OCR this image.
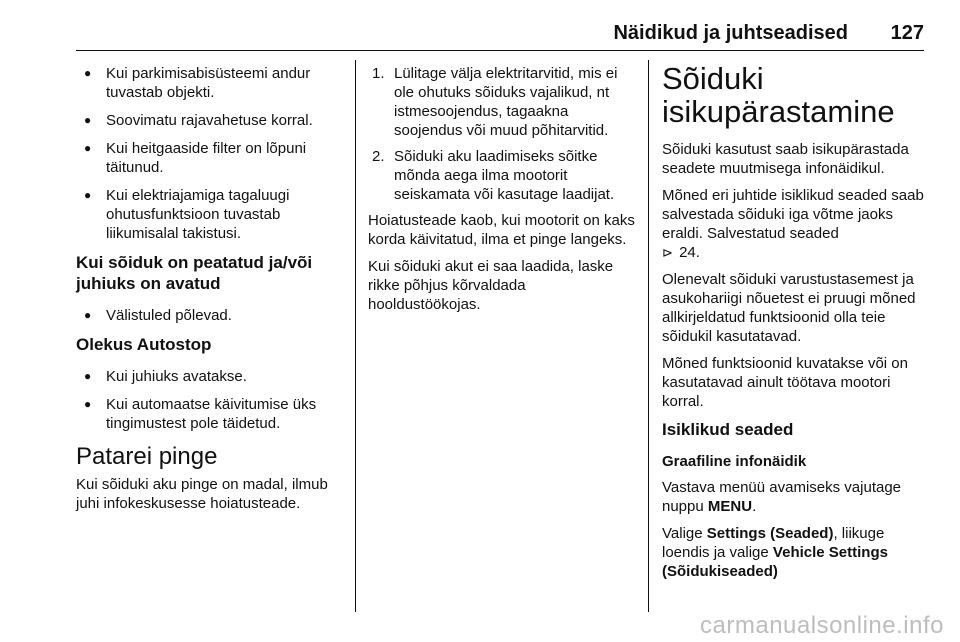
Näidikud ja juhtseadised 127
● Kui parkimisabisüsteemi andur tuvastab objekti.
● Soovimatu rajavahetuse korral.
● Kui heitgaaside filter on lõpuni täitunud.
● Kui elektriajamiga tagaluugi ohutusfunktsioon tuvastab liikumisalal takistusi.
Kui sõiduk on peatatud ja/või juhiuks on avatud
● Välistuled põlevad.
Olekus Autostop
● Kui juhiuks avatakse.
● Kui automaatse käivitumise üks tingimustest pole täidetud.
Patarei pinge

Kui sõiduki aku pinge on madal, ilmub juhi infokeskusesse hoiatusteade.

1. Lülitage välja elektritarvitid, mis ei ole ohutuks sõiduks vajalikud, nt istmesoojendus, tagaakna soojendus või muud põhitarvitid.
2. Sõiduki aku laadimiseks sõitke mõnda aega ilma mootorit seiskamata või kasutage laadijat.

Hoiatusteade kaob, kui mootorit on kaks korda käivitatud, ilma et pinge langeks.

Kui sõiduki akut ei saa laadida, laske rikke põhjus kõrvaldada hooldustöökojas.

Sõiduki
isikupärastamine

Sõiduki kasutust saab isikupärastada seadete muutmisega infonäidikul.

Mõned eri juhtide isiklikud seaded saab salvestada sõiduki iga võtme jaoks eraldi. Salvestatud seaded
⊳ 24.

Olenevalt sõiduki varustustasemest ja asukohariigi nõuetest ei pruugi mõned allkirjeldatud funktsioonid olla teie sõidukil kasutatavad.

Mõned funktsioonid kuvatakse või on kasutatavad ainult töötava mootori korral.

Isiklikud seaded
Graafiline infonäidik

Vastava menüü avamiseks vajutage nuppu MENU.

Valige Settings (Seaded), liikuge loendis ja valige Vehicle Settings (Sõidukiseaded)

carmanualsonline.info
